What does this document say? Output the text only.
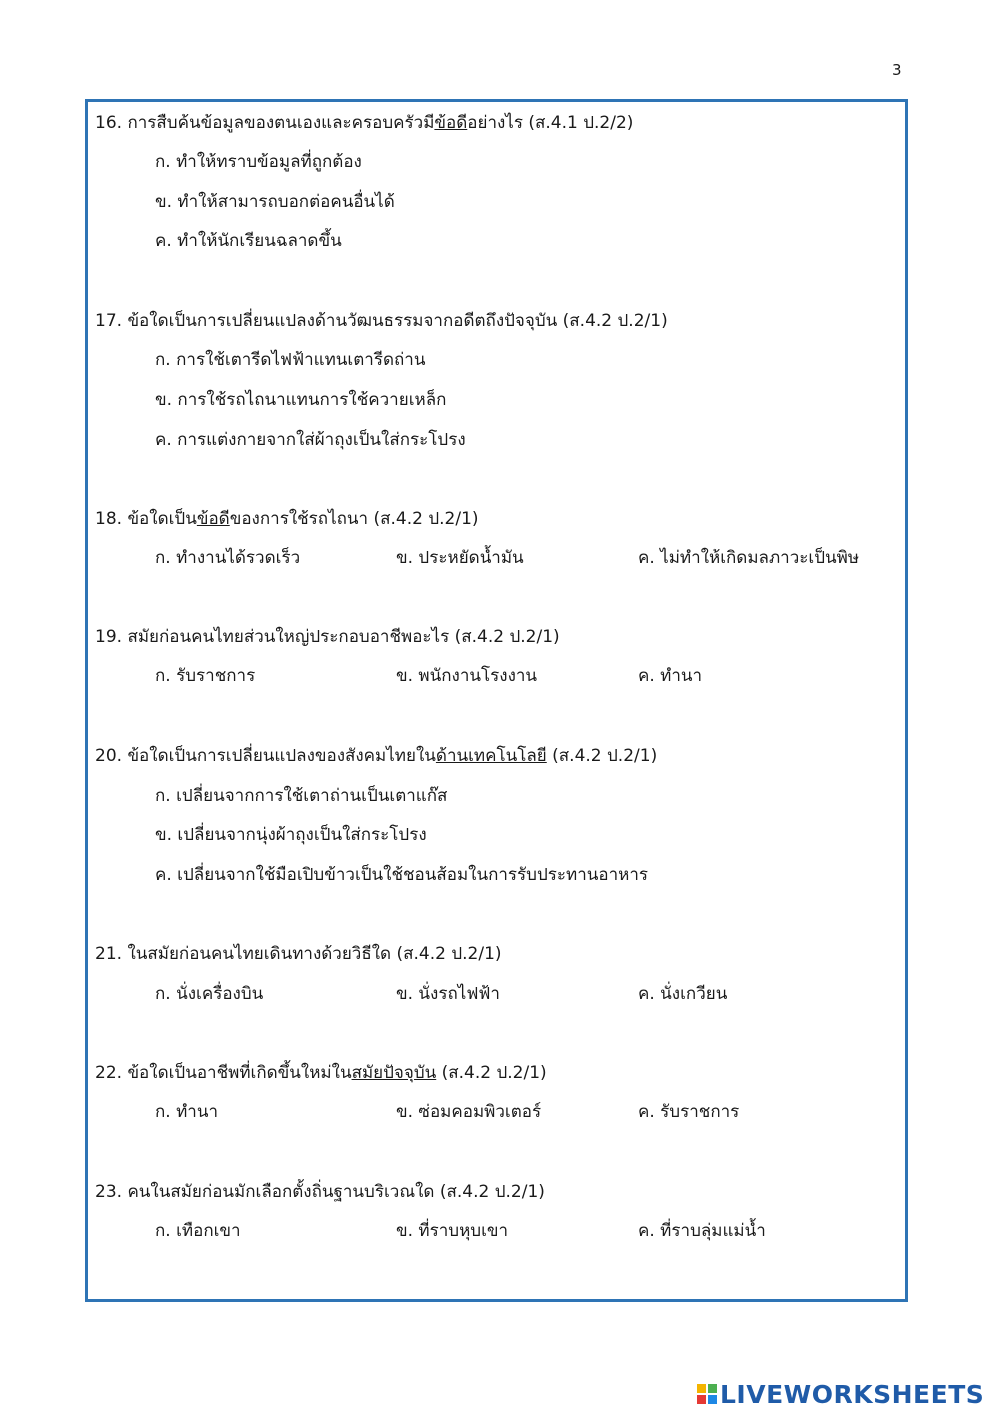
3
16. การสืบค้นข้อมูลของตนเองและครอบครัวมีข้อดีอย่างไร (ส.4.1 ป.2/2)
ก. ทำให้ทราบข้อมูลที่ถูกต้อง
ข. ทำให้สามารถบอกต่อคนอื่นได้
ค. ทำให้นักเรียนฉลาดขึ้น
17. ข้อใดเป็นการเปลี่ยนแปลงด้านวัฒนธรรมจากอดีตถึงปัจจุบัน (ส.4.2 ป.2/1)
ก. การใช้เตารีดไฟฟ้าแทนเตารีดถ่าน
ข. การใช้รถไถนาแทนการใช้ควายเหล็ก
ค. การแต่งกายจากใส่ผ้าถุงเป็นใส่กระโปรง
18. ข้อใดเป็นข้อดีของการใช้รถไถนา (ส.4.2 ป.2/1)
ก. ทำงานได้รวดเร็ว	ข. ประหยัดน้ำมัน	ค. ไม่ทำให้เกิดมลภาวะเป็นพิษ
19. สมัยก่อนคนไทยส่วนใหญ่ประกอบอาชีพอะไร (ส.4.2 ป.2/1)
ก. รับราชการ	ข. พนักงานโรงงาน	ค. ทำนา
20. ข้อใดเป็นการเปลี่ยนแปลงของสังคมไทยในด้านเทคโนโลยี (ส.4.2 ป.2/1)
ก. เปลี่ยนจากการใช้เตาถ่านเป็นเตาแก๊ส
ข. เปลี่ยนจากนุ่งผ้าถุงเป็นใส่กระโปรง
ค. เปลี่ยนจากใช้มือเปิบข้าวเป็นใช้ชอนส้อมในการรับประทานอาหาร
21. ในสมัยก่อนคนไทยเดินทางด้วยวิธีใด (ส.4.2 ป.2/1)
ก. นั่งเครื่องบิน	ข. นั่งรถไฟฟ้า	ค. นั่งเกวียน
22. ข้อใดเป็นอาชีพที่เกิดขึ้นใหม่ในสมัยปัจจุบัน (ส.4.2 ป.2/1)
ก. ทำนา	ข. ซ่อมคอมพิวเตอร์	ค. รับราชการ
23. คนในสมัยก่อนมักเลือกตั้งถิ่นฐานบริเวณใด (ส.4.2 ป.2/1)
ก. เทือกเขา	ข. ที่ราบหุบเขา	ค. ที่ราบลุ่มแม่น้ำ
LIVEWORKSHEETS
